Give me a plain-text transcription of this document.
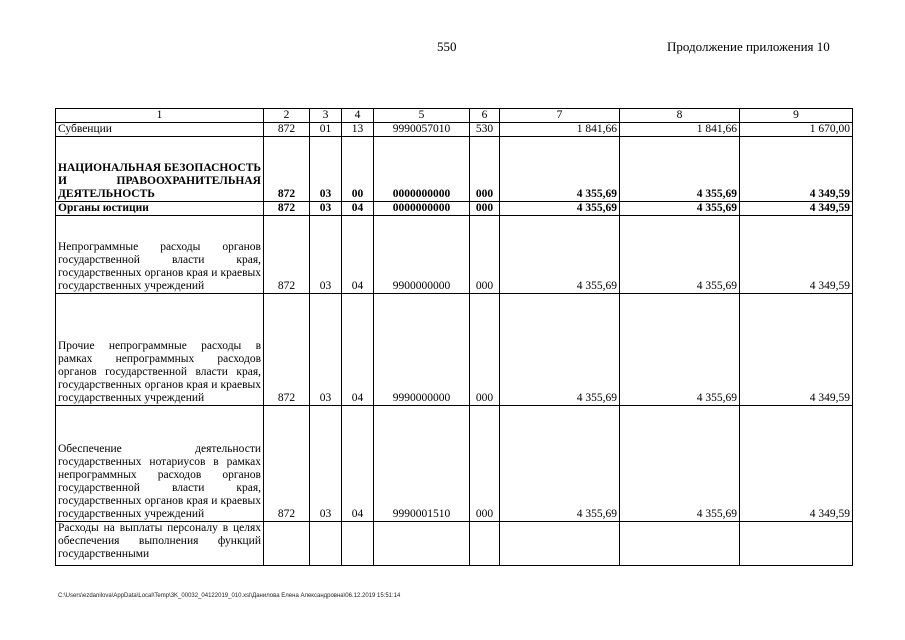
550	Продолжение приложения 10
1	2	3	4	5	6	7	8	9
Субвенции	872	01	13	9990057010	530	1 841,66	1 841,66	1 670,00
НАЦИОНАЛЬНАЯ БЕЗОПАСНОСТЬ И ПРАВООХРАНИТЕЛЬНАЯ ДЕЯТЕЛЬНОСТЬ	872	03	00	0000000000	000	4 355,69	4 355,69	4 349,59
Органы юстиции	872	03	04	0000000000	000	4 355,69	4 355,69	4 349,59
Непрограммные расходы органов государственной власти края, государственных органов края и краевых государственных учреждений	872	03	04	9900000000	000	4 355,69	4 355,69	4 349,59
Прочие непрограммные расходы в рамках непрограммных расходов органов государственной власти края, государственных органов края и краевых государственных учреждений	872	03	04	9990000000	000	4 355,69	4 355,69	4 349,59
Обеспечение деятельности государственных нотариусов в рамках непрограммных расходов органов государственной власти края, государственных органов края и краевых государственных учреждений	872	03	04	9990001510	000	4 355,69	4 355,69	4 349,59
Расходы на выплаты персоналу в целях обеспечения выполнения функций государственными								
C:\Users\ezdanilova\AppData\Local\Temp\3K_00032_04122019_010.xsl\Даниловa Елена Александровна\06.12.2019 15:51:14
